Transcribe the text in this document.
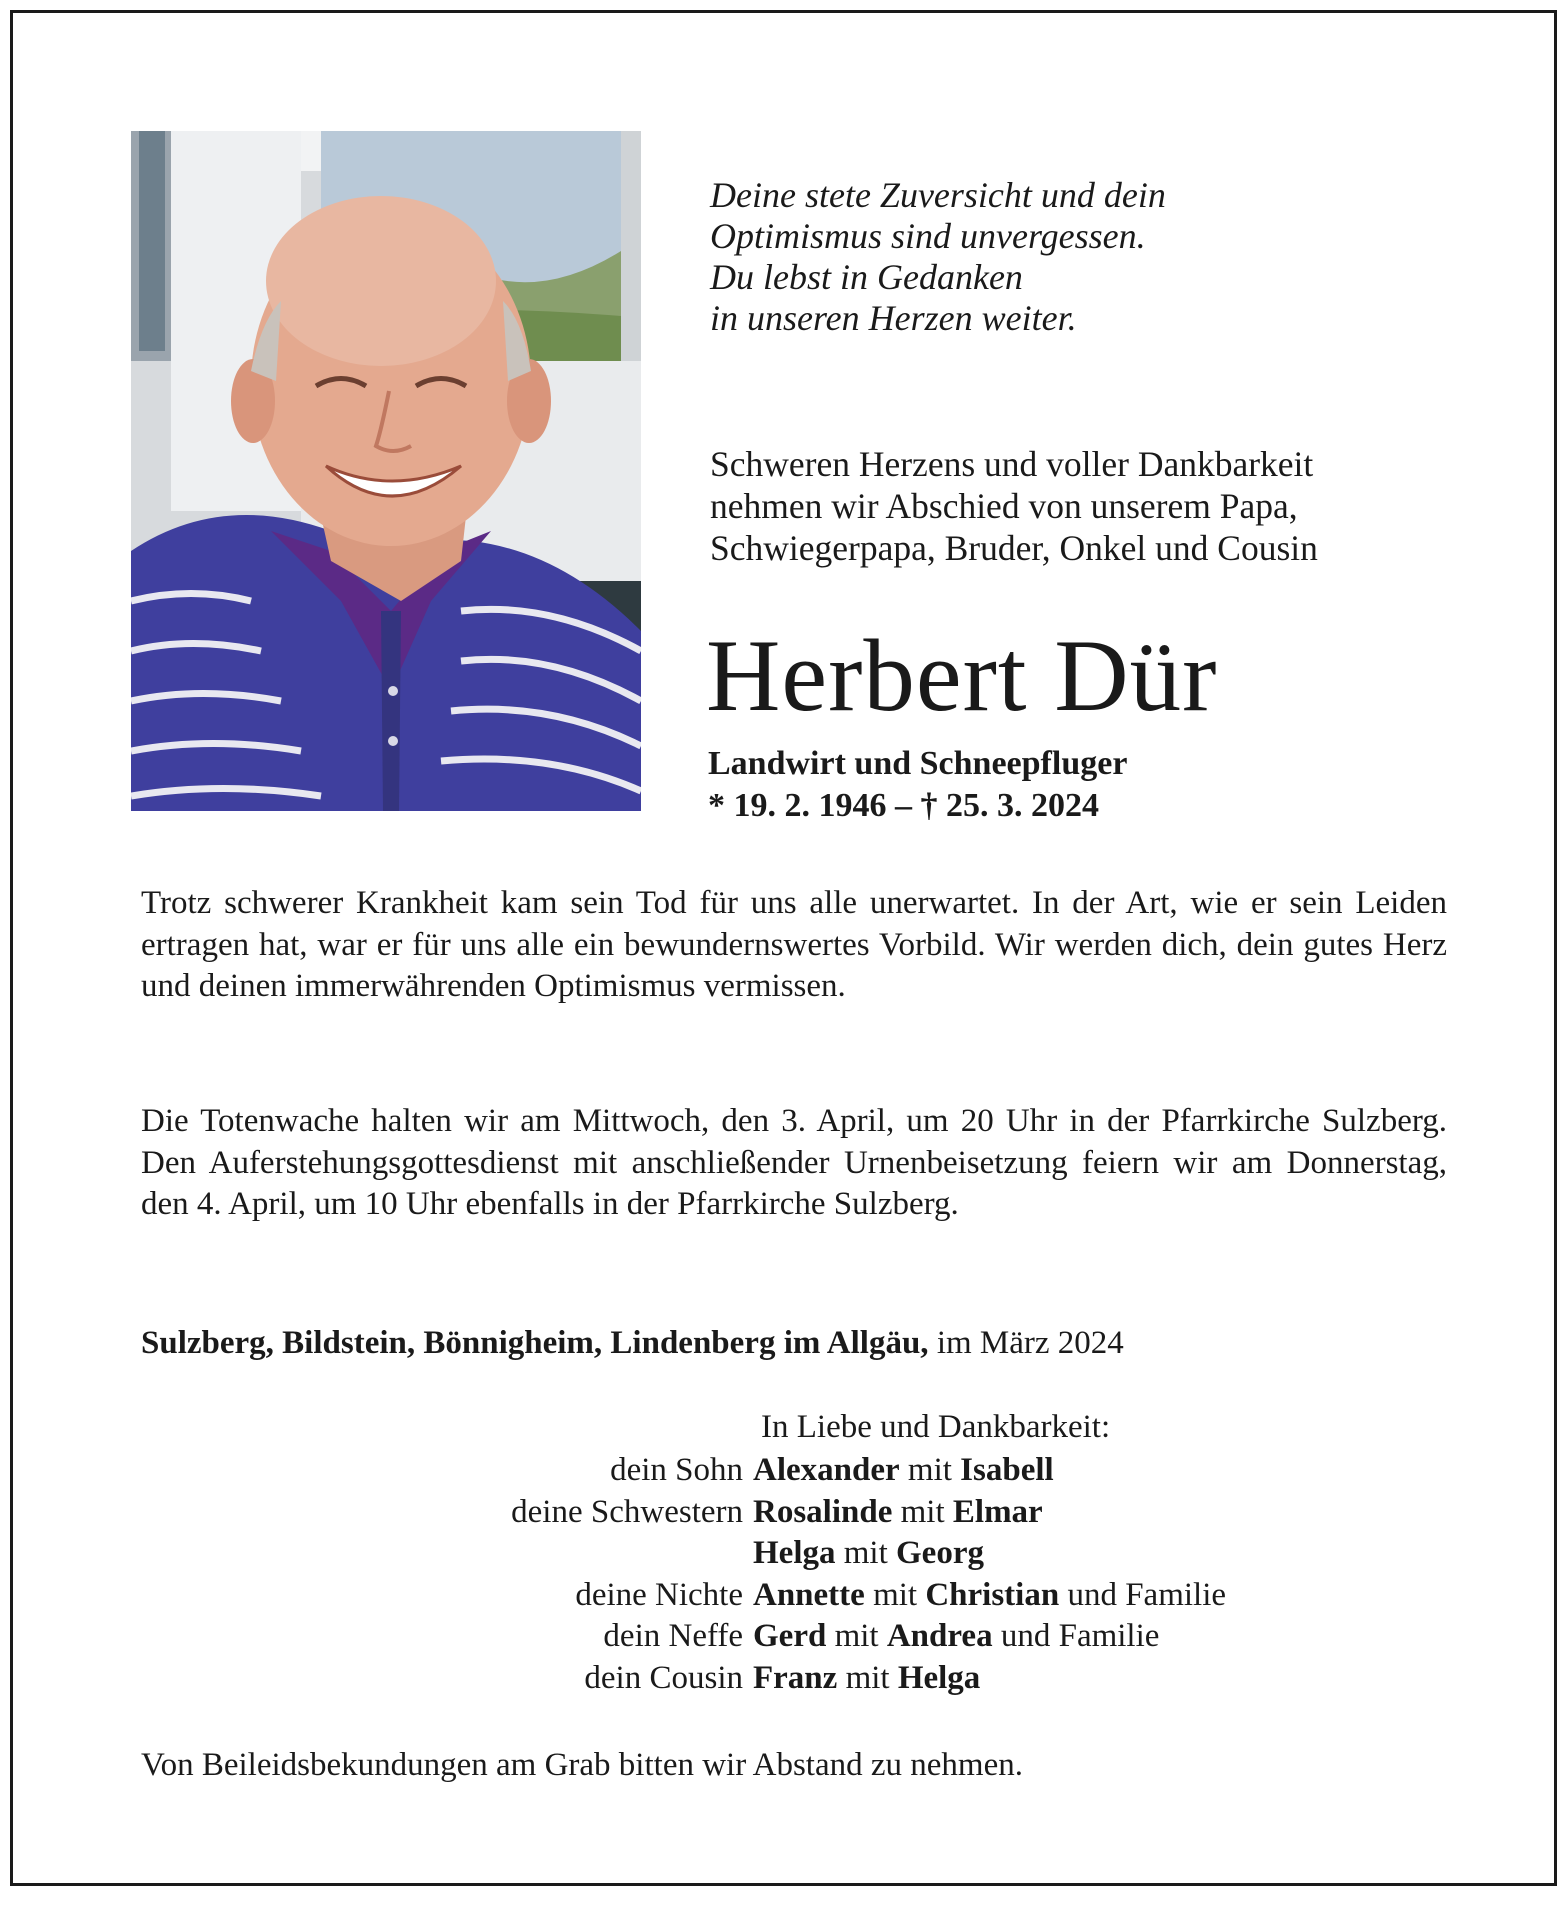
Deine stete Zuversicht und dein
Optimismus sind unvergessen.
Du lebst in Gedanken
in unseren Herzen weiter.
Schweren Herzens und voller Dankbarkeit
nehmen wir Abschied von unserem Papa,
Schwiegerpapa, Bruder, Onkel und Cousin
Herbert Dür
Landwirt und Schneepfluger
* 19. 2. 1946 – † 25. 3. 2024
Trotz schwerer Krankheit kam sein Tod für uns alle unerwartet. In der Art, wie er sein Leiden ertragen hat, war er für uns alle ein bewundernswertes Vorbild. Wir werden dich, dein gutes Herz und deinen immerwährenden Optimismus vermissen.
Die Totenwache halten wir am Mittwoch, den 3. April, um 20 Uhr in der Pfarrkirche Sulzberg. Den Auferstehungsgottesdienst mit anschließender Urnenbeisetzung feiern wir am Donnerstag, den 4. April, um 10 Uhr ebenfalls in der Pfarrkirche Sulzberg.
Sulzberg, Bildstein, Bönnigheim, Lindenberg im Allgäu, im März 2024
In Liebe und Dankbarkeit:
dein Sohn Alexander mit Isabell
deine Schwestern Rosalinde mit Elmar
Helga mit Georg
deine Nichte Annette mit Christian und Familie
dein Neffe Gerd mit Andrea und Familie
dein Cousin Franz mit Helga
Von Beileidsbekundungen am Grab bitten wir Abstand zu nehmen.
